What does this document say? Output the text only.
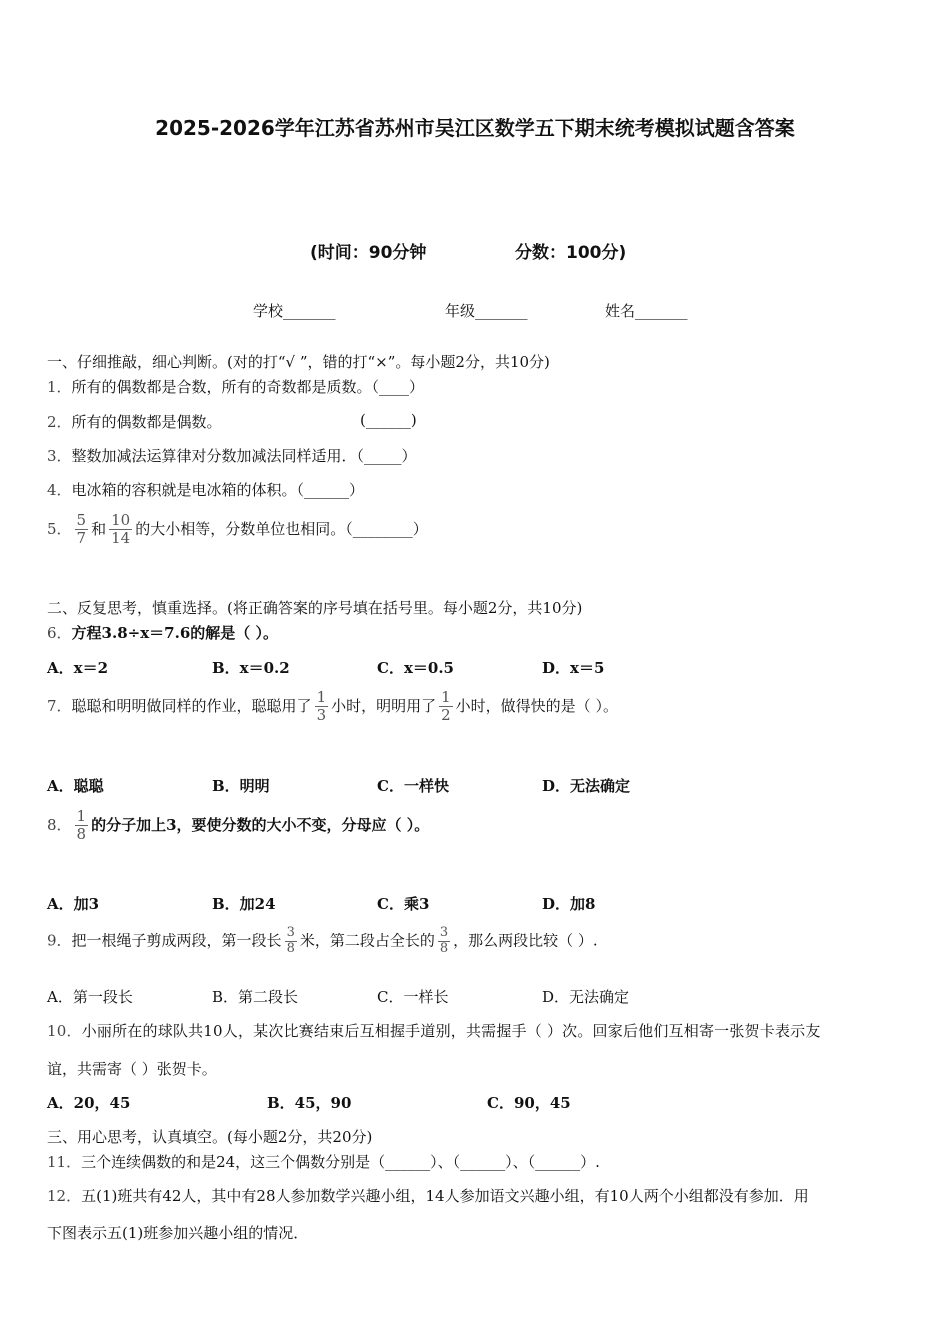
2025-2026学年江苏省苏州市吴江区数学五下期末统考模拟试题含答案
(时间：90分钟	分数：100分)
学校_______	年级_______	姓名_______
一、仔细推敲，细心判断。(对的打“√ ”，错的打“×”。每小题2分，共10分)
1．所有的偶数都是合数，所有的奇数都是质数。（____）
2．所有的偶数都是偶数。	(______)
3．整数加减法运算律对分数加减法同样适用．（_____）
4．电冰箱的容积就是电冰箱的体积。（______）
5． $\frac{5}{7}$ 和 $\frac{10}{14}$ 的大小相等，分数单位也相同。（________）
二、反复思考，慎重选择。(将正确答案的序号填在括号里。每小题2分，共10分)
6．方程3.8÷x＝7.6的解是（ ）。
A．x＝2	B．x＝0.2	C．x＝0.5	D．x＝5
7．聪聪和明明做同样的作业，聪聪用了 $\frac{1}{3}$ 小时，明明用了 $\frac{1}{2}$ 小时，做得快的是（ ）。
A．聪聪	B．明明	C．一样快	D．无法确定
8． $\frac{1}{8}$ 的分子加上3，要使分数的大小不变，分母应（ ）。
A．加3	B．加24	C．乘3	D．加8
9．把一根绳子剪成两段，第一段长 $\frac{3}{8}$ 米，第二段占全长的 $\frac{3}{8}$ ，那么两段比较（ ）.
A．第一段长	B．第二段长	C．一样长	D．无法确定
10．小丽所在的球队共10人，某次比赛结束后互相握手道别，共需握手（ ）次。回家后他们互相寄一张贺卡表示友
谊，共需寄（ ）张贺卡。
A．20，45	B．45，90	C．90，45
三、用心思考，认真填空。(每小题2分，共20分)
11．三个连续偶数的和是24，这三个偶数分别是（______）、（______）、（______）.
12．五(1)班共有42人，其中有28人参加数学兴趣小组，14人参加语文兴趣小组，有10人两个小组都没有参加．用
下图表示五(1)班参加兴趣小组的情况．
